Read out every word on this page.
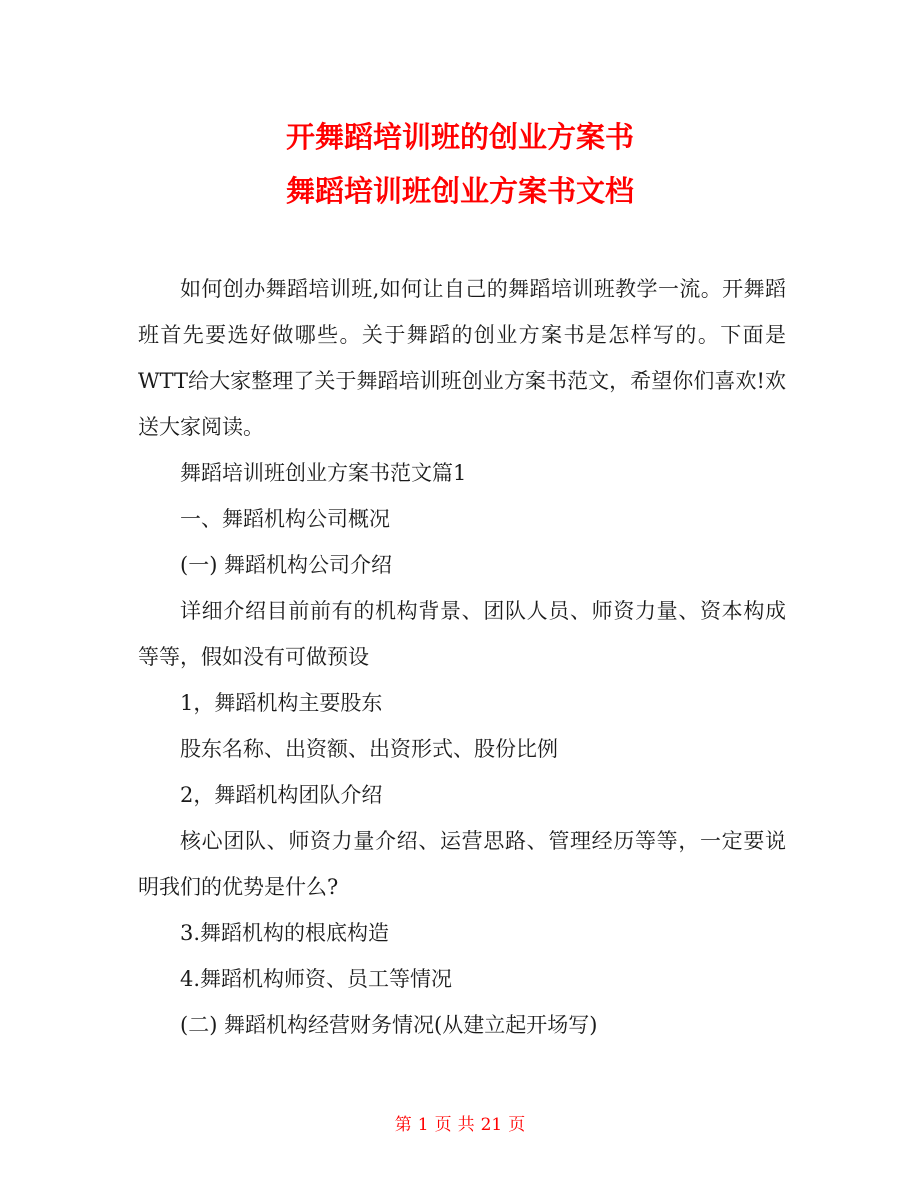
开舞蹈培训班的创业方案书
舞蹈培训班创业方案书文档

如何创办舞蹈培训班,如何让自己的舞蹈培训班教学一流。开舞蹈班首先要选好做哪些。关于舞蹈的创业方案书是怎样写的。下面是WTT给大家整理了关于舞蹈培训班创业方案书范文，希望你们喜欢!欢送大家阅读。

舞蹈培训班创业方案书范文篇1

一、舞蹈机构公司概况

(一) 舞蹈机构公司介绍

详细介绍目前前有的机构背景、团队人员、师资力量、资本构成等等，假如没有可做预设

1，舞蹈机构主要股东

股东名称、出资额、出资形式、股份比例

2，舞蹈机构团队介绍

核心团队、师资力量介绍、运营思路、管理经历等等，一定要说明我们的优势是什么?

3.舞蹈机构的根底构造

4.舞蹈机构师资、员工等情况

(二) 舞蹈机构经营财务情况(从建立起开场写)

第 1 页 共 21 页
